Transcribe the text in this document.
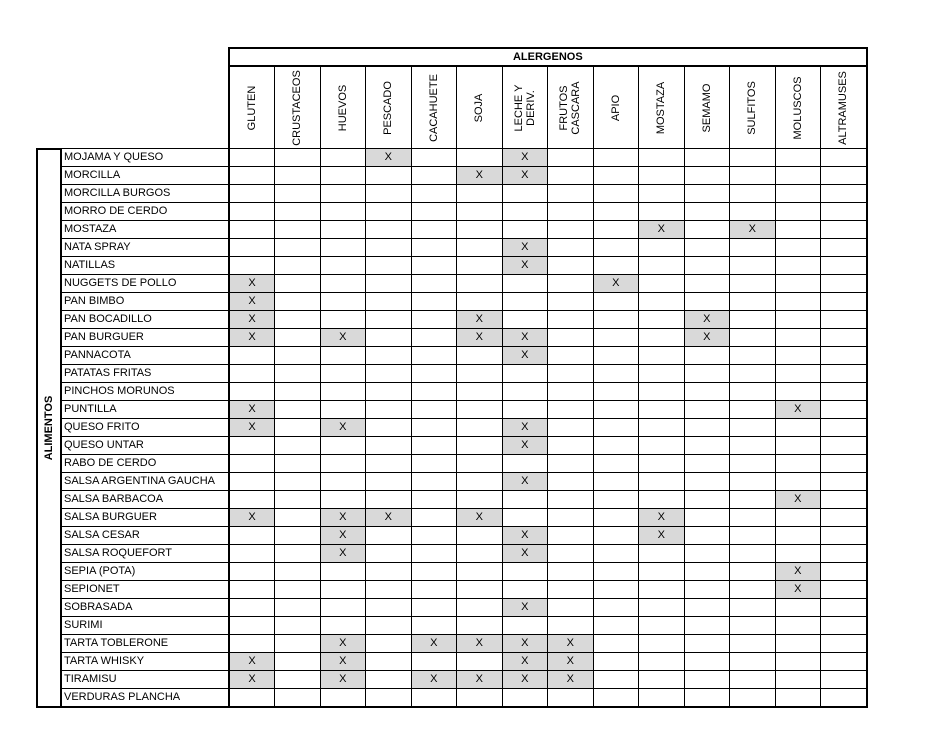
		ALERGENOS													

		GLUTEN	CRUSTACEOS	HUEVOS	PESCADO	CACAHUETE	SOJA	LECHE Y
DERIV.	FRUTOS
CASCARA	APIO	MOSTAZA	SEMAMO	SULFITOS	MOLUSCOS	ALTRAMUSES

ALIMENTOS	MOJAMA Y QUESO				X			X							
	MORCILLA						X	X							
	MORCILLA BURGOS														
	MORRO DE CERDO														
	MOSTAZA										X		X		
	NATA SPRAY							X							
	NATILLAS							X							
	NUGGETS DE POLLO	X								X					
	PAN BIMBO	X													
	PAN BOCADILLO	X					X					X			
	PAN BURGUER	X		X			X	X				X			
	PANNACOTA							X							
	PATATAS FRITAS														
	PINCHOS MORUNOS														
	PUNTILLA	X												X	
	QUESO FRITO	X		X				X							
	QUESO UNTAR							X							
	RABO DE CERDO														
	SALSA ARGENTINA GAUCHA							X							
	SALSA BARBACOA													X	
	SALSA BURGUER	X		X	X		X				X				
	SALSA CESAR			X				X			X				
	SALSA ROQUEFORT			X				X							
	SEPIA (POTA)													X	
	SEPIONET													X	
	SOBRASADA							X							
	SURIMI														
	TARTA TOBLERONE			X		X	X	X	X						
	TARTA WHISKY	X		X				X	X						
	TIRAMISU	X		X		X	X	X	X						
	VERDURAS PLANCHA														
